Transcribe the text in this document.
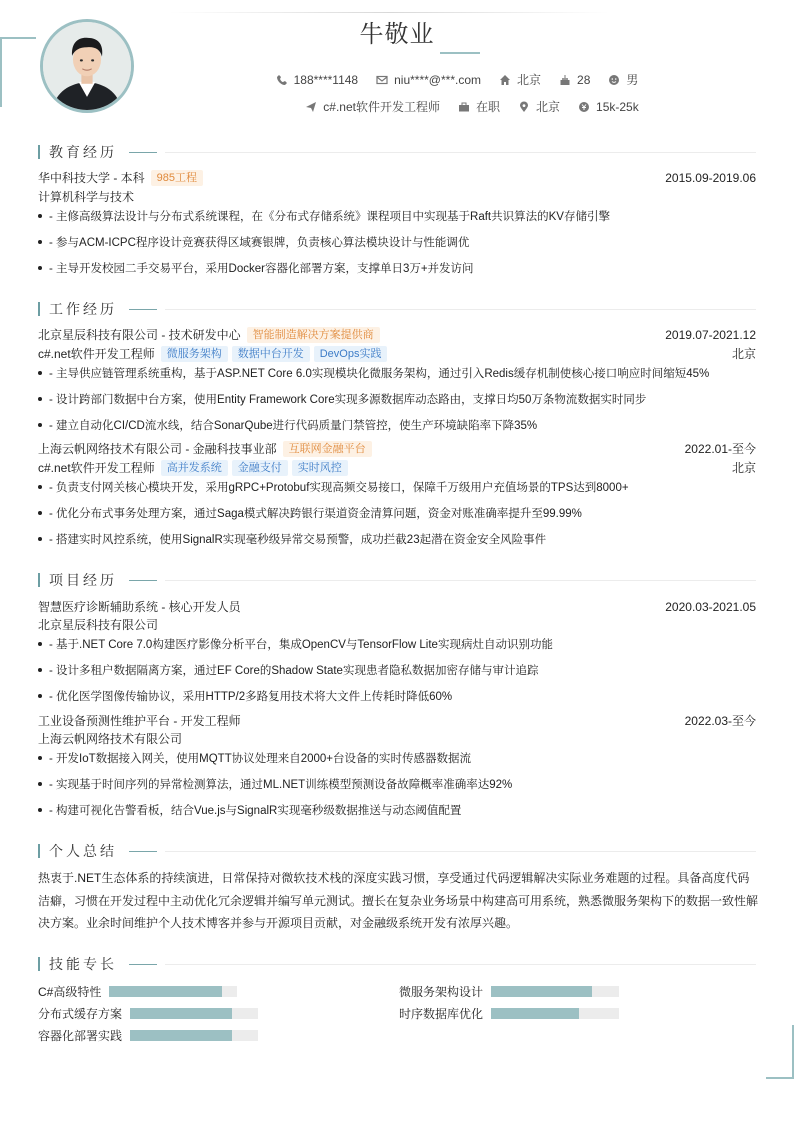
牛敬业
188****1148	niu****@***.com	北京	28	男
c#.net软件开发工程师	在职	北京	15k-25k
教育经历
华中科技大学 - 本科	985工程	2015.09-2019.06
计算机科学与技术
- 主修高级算法设计与分布式系统课程，在《分布式存储系统》课程项目中实现基于Raft共识算法的KV存储引擎
- 参与ACM-ICPC程序设计竞赛获得区域赛银牌，负责核心算法模块设计与性能调优
- 主导开发校园二手交易平台，采用Docker容器化部署方案，支撑单日3万+并发访问
工作经历
北京星辰科技有限公司 - 技术研发中心	智能制造解决方案提供商	2019.07-2021.12
c#.net软件开发工程师	微服务架构	数据中台开发	DevOps实践	北京
- 主导供应链管理系统重构，基于ASP.NET Core 6.0实现模块化微服务架构，通过引入Redis缓存机制使核心接口响应时间缩短45%
- 设计跨部门数据中台方案，使用Entity Framework Core实现多源数据库动态路由，支撑日均50万条物流数据实时同步
- 建立自动化CI/CD流水线，结合SonarQube进行代码质量门禁管控，使生产环境缺陷率下降35%
上海云帆网络技术有限公司 - 金融科技事业部	互联网金融平台	2022.01-至今
c#.net软件开发工程师	高并发系统	金融支付	实时风控	北京
- 负责支付网关核心模块开发，采用gRPC+Protobuf实现高频交易接口，保障千万级用户充值场景的TPS达到8000+
- 优化分布式事务处理方案，通过Saga模式解决跨银行渠道资金清算问题，资金对账准确率提升至99.99%
- 搭建实时风控系统，使用SignalR实现毫秒级异常交易预警，成功拦截23起潜在资金安全风险事件
项目经历
智慧医疗诊断辅助系统 - 核心开发人员	2020.03-2021.05
北京星辰科技有限公司
- 基于.NET Core 7.0构建医疗影像分析平台，集成OpenCV与TensorFlow Lite实现病灶自动识别功能
- 设计多租户数据隔离方案，通过EF Core的Shadow State实现患者隐私数据加密存储与审计追踪
- 优化医学图像传输协议，采用HTTP/2多路复用技术将大文件上传耗时降低60%
工业设备预测性维护平台 - 开发工程师	2022.03-至今
上海云帆网络技术有限公司
- 开发IoT数据接入网关，使用MQTT协议处理来自2000+台设备的实时传感器数据流
- 实现基于时间序列的异常检测算法，通过ML.NET训练模型预测设备故障概率准确率达92%
- 构建可视化告警看板，结合Vue.js与SignalR实现毫秒级数据推送与动态阈值配置
个人总结
热衷于.NET生态体系的持续演进，日常保持对微软技术栈的深度实践习惯，享受通过代码逻辑解决实际业务难题的过程。具备高度代码洁癖，习惯在开发过程中主动优化冗余逻辑并编写单元测试。擅长在复杂业务场景中构建高可用系统，熟悉微服务架构下的数据一致性解决方案。业余时间维护个人技术博客并参与开源项目贡献，对金融级系统开发有浓厚兴趣。
技能专长
C#高级特性	微服务架构设计
分布式缓存方案	时序数据库优化
容器化部署实践
